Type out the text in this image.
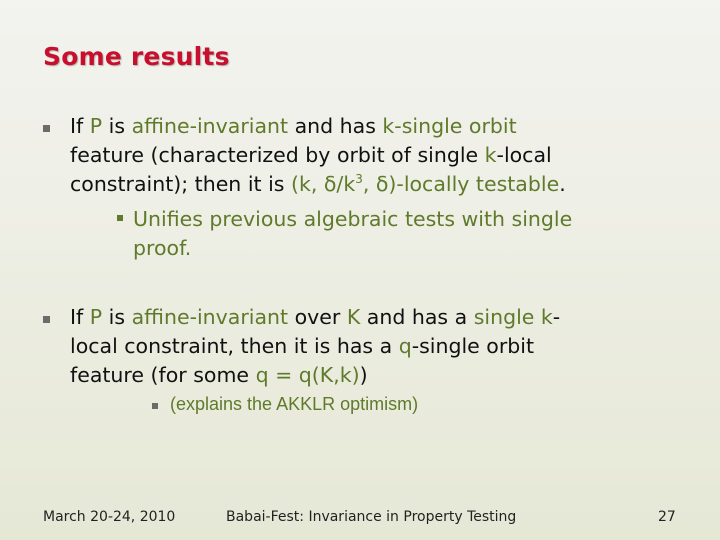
Some results
If P is affine-invariant and has k-single orbit
feature (characterized by orbit of single k-local
constraint); then it is (k, $\delta/k^3$, δ)-locally testable.
Unifies previous algebraic tests with single
proof.
If P is affine-invariant over K and has a single k-
local constraint, then it is has a q-single orbit
feature (for some q = q(K,k))
(explains the AKKLR optimism)
March 20-24, 2010	Babai-Fest: Invariance in Property Testing	27
